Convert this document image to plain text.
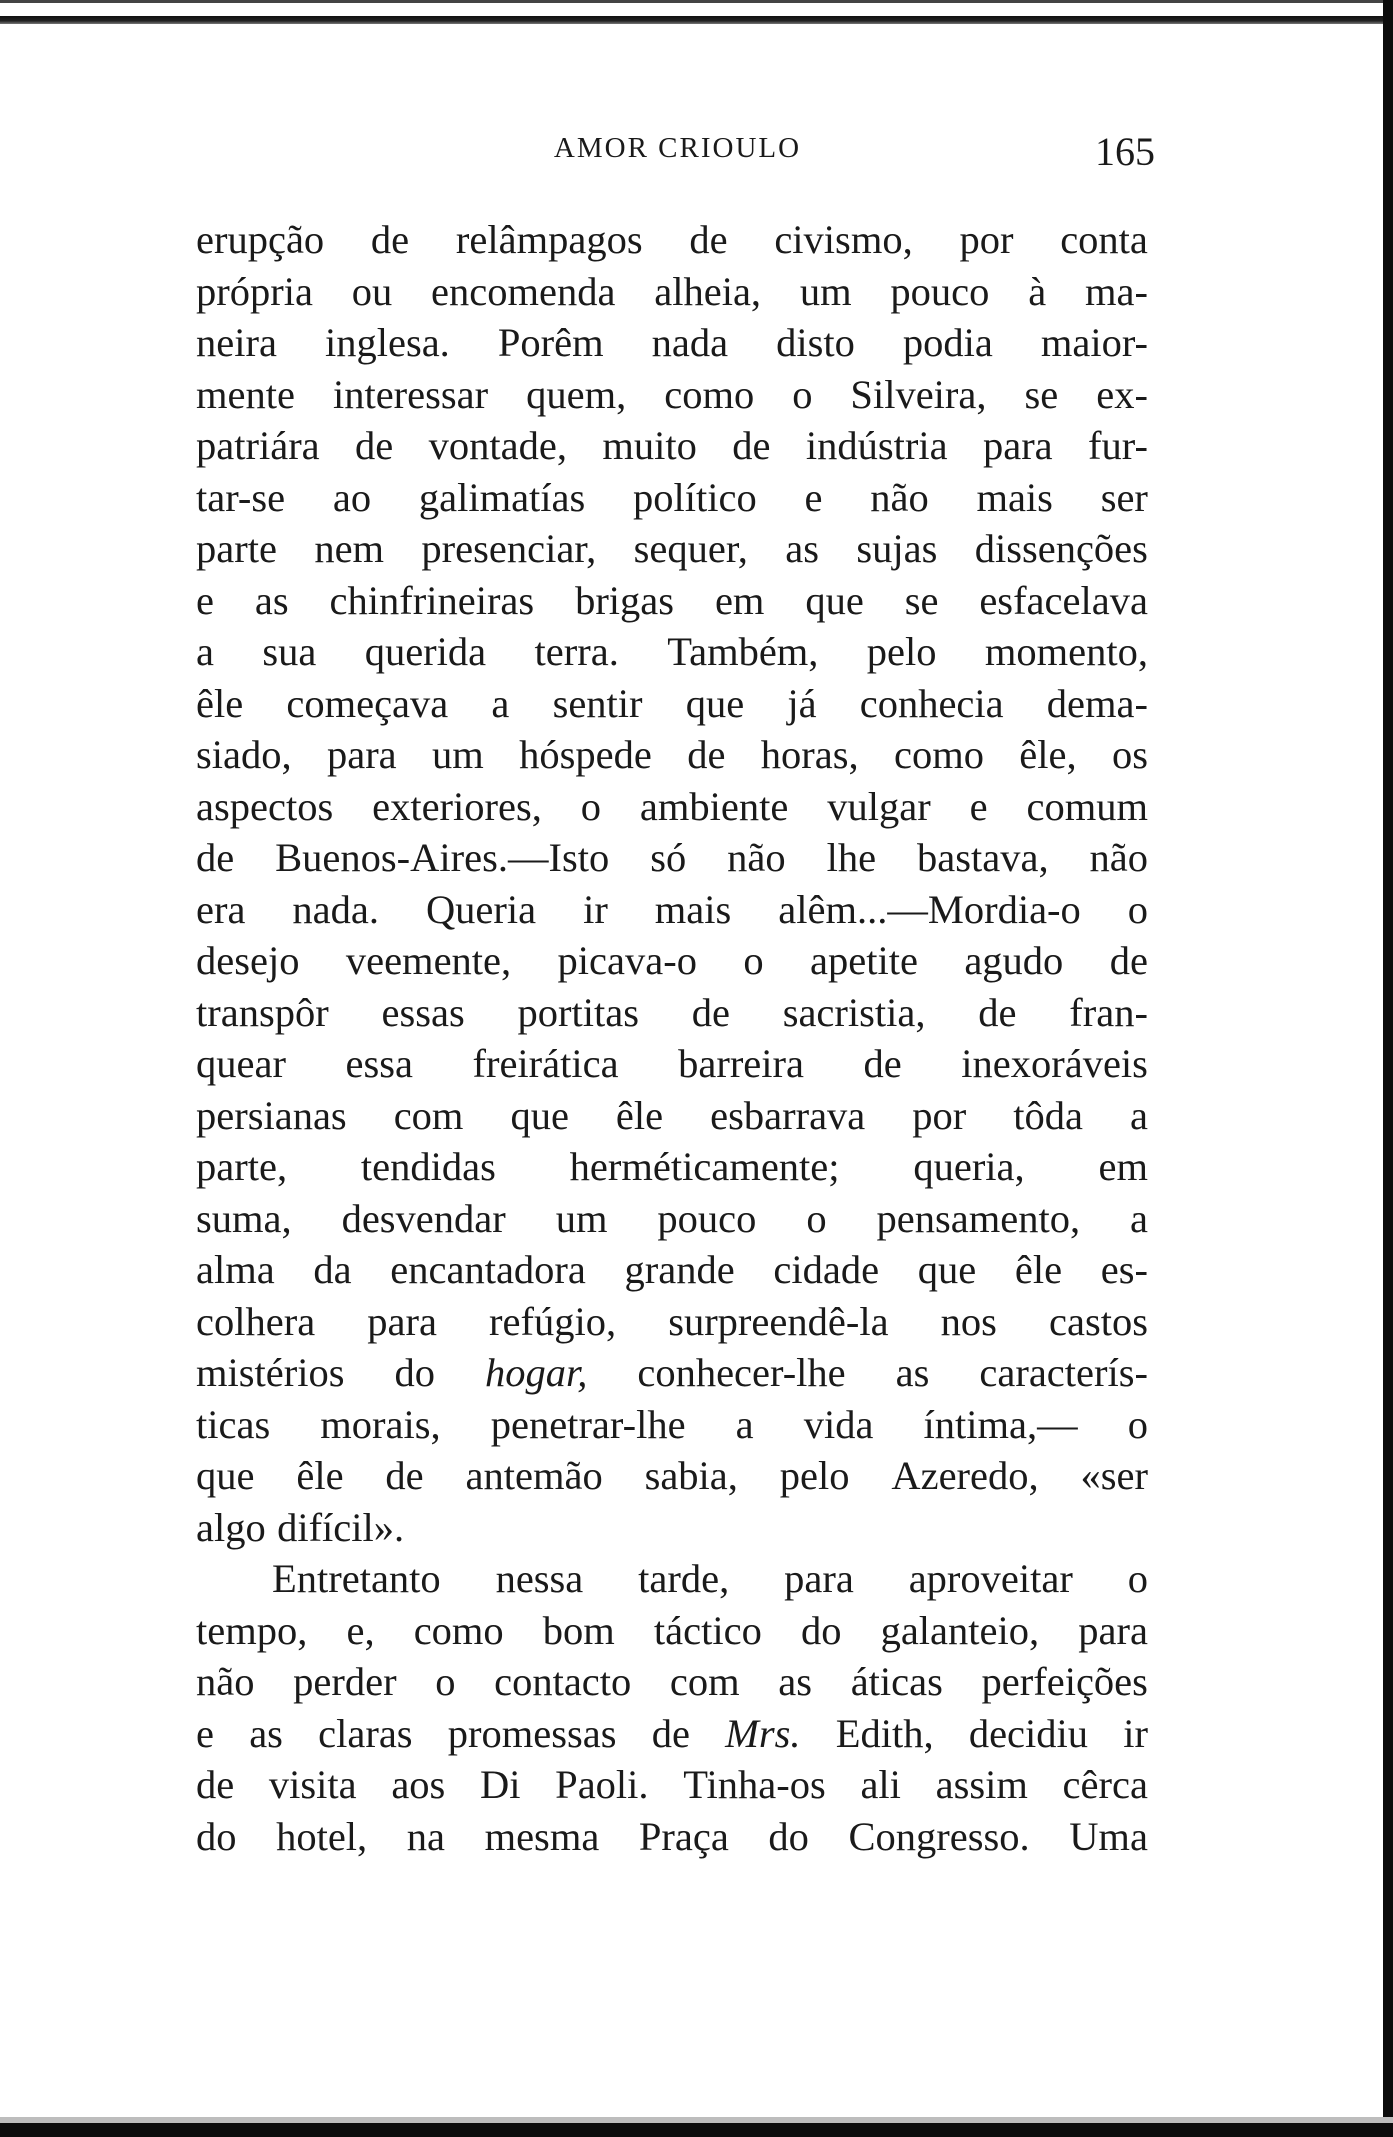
AMOR CRIOULO	165
erupção de relâmpagos de civismo, por conta
própria ou encomenda alheia, um pouco à ma-
neira inglesa. Porêm nada disto podia maior-
mente interessar quem, como o Silveira, se ex-
patriára de vontade, muito de indústria para fur-
tar-se ao galimatías político e não mais ser
parte nem presenciar, sequer, as sujas dissenções
e as chinfrineiras brigas em que se esfacelava
a sua querida terra. Também, pelo momento,
êle começava a sentir que já conhecia dema-
siado, para um hóspede de horas, como êle, os
aspectos exteriores, o ambiente vulgar e comum
de Buenos-Aires.—Isto só não lhe bastava, não
era nada. Queria ir mais alêm...—Mordia-o o
desejo veemente, picava-o o apetite agudo de
transpôr essas portitas de sacristia, de fran-
quear essa freirática barreira de inexoráveis
persianas com que êle esbarrava por tôda a
parte, tendidas herméticamente; queria, em
suma, desvendar um pouco o pensamento, a
alma da encantadora grande cidade que êle es-
colhera para refúgio, surpreendê-la nos castos
mistérios do hogar, conhecer-lhe as caracterís-
ticas morais, penetrar-lhe a vida íntima,— o
que êle de antemão sabia, pelo Azeredo, «ser
algo difícil».
Entretanto nessa tarde, para aproveitar o
tempo, e, como bom táctico do galanteio, para
não perder o contacto com as áticas perfeições
e as claras promessas de Mrs. Edith, decidiu ir
de visita aos Di Paoli. Tinha-os ali assim cêrca
do hotel, na mesma Praça do Congresso. Uma
